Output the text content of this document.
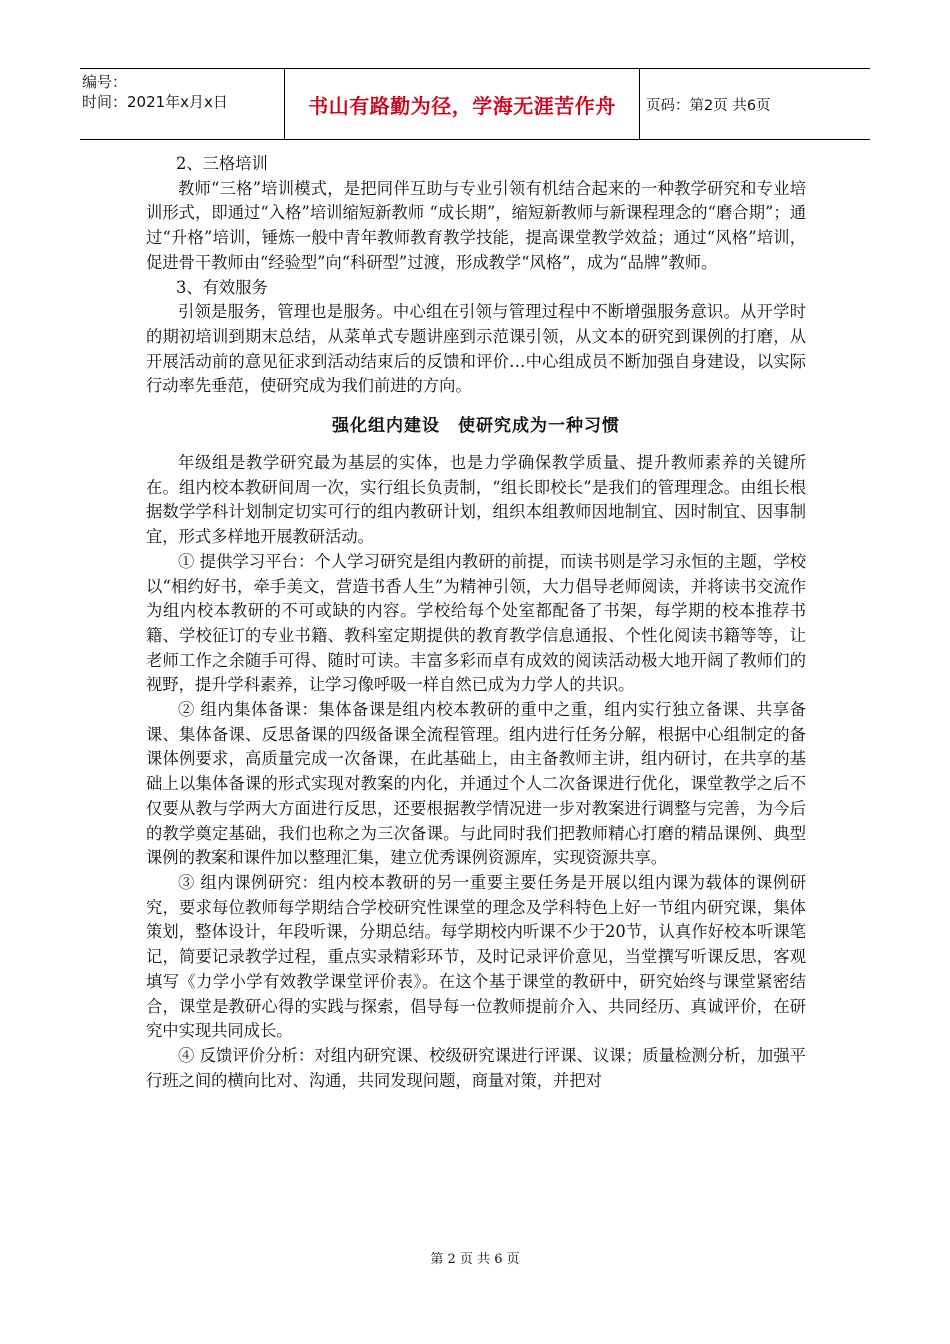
编号：
时间：2021年x月x日	书山有路勤为径，学海无涯苦作舟	页码：第2页 共6页

2、三格培训

教师“三格”培训模式，是把同伴互助与专业引领有机结合起来的一种教学研究和专业培训形式，即通过“入格”培训缩短新教师 “成长期”，缩短新教师与新课程理念的“磨合期”；通过“升格”培训，锤炼一般中青年教师教育教学技能，提高课堂教学效益；通过“风格”培训，促进骨干教师由“经验型”向“科研型”过渡，形成教学“风格”，成为“品牌”教师。

3、有效服务

引领是服务，管理也是服务。中心组在引领与管理过程中不断增强服务意识。从开学时的期初培训到期末总结，从菜单式专题讲座到示范课引领，从文本的研究到课例的打磨，从开展活动前的意见征求到活动结束后的反馈和评价…中心组成员不断加强自身建设，以实际行动率先垂范，使研究成为我们前进的方向。

强化组内建设　使研究成为一种习惯

年级组是教学研究最为基层的实体，也是力学确保教学质量、提升教师素养的关键所在。组内校本教研间周一次，实行组长负责制，“组长即校长”是我们的管理理念。由组长根据数学学科计划制定切实可行的组内教研计划，组织本组教师因地制宜、因时制宜、因事制宜，形式多样地开展教研活动。

① 提供学习平台：个人学习研究是组内教研的前提，而读书则是学习永恒的主题，学校以“相约好书，牵手美文，营造书香人生”为精神引领，大力倡导老师阅读，并将读书交流作为组内校本教研的不可或缺的内容。学校给每个处室都配备了书架，每学期的校本推荐书籍、学校征订的专业书籍、教科室定期提供的教育教学信息通报、个性化阅读书籍等等，让老师工作之余随手可得、随时可读。丰富多彩而卓有成效的阅读活动极大地开阔了教师们的视野，提升学科素养，让学习像呼吸一样自然已成为力学人的共识。

② 组内集体备课：集体备课是组内校本教研的重中之重，组内实行独立备课、共享备课、集体备课、反思备课的四级备课全流程管理。组内进行任务分解，根据中心组制定的备课体例要求，高质量完成一次备课，在此基础上，由主备教师主讲，组内研讨，在共享的基础上以集体备课的形式实现对教案的内化，并通过个人二次备课进行优化，课堂教学之后不仅要从教与学两大方面进行反思，还要根据教学情况进一步对教案进行调整与完善，为今后的教学奠定基础，我们也称之为三次备课。与此同时我们把教师精心打磨的精品课例、典型课例的教案和课件加以整理汇集，建立优秀课例资源库，实现资源共享。

③ 组内课例研究：组内校本教研的另一重要主要任务是开展以组内课为载体的课例研究，要求每位教师每学期结合学校研究性课堂的理念及学科特色上好一节组内研究课，集体策划，整体设计，年段听课，分期总结。每学期校内听课不少于20节，认真作好校本听课笔记，简要记录教学过程，重点实录精彩环节，及时记录评价意见，当堂撰写听课反思，客观填写《力学小学有效教学课堂评价表》。在这个基于课堂的教研中，研究始终与课堂紧密结合，课堂是教研心得的实践与探索，倡导每一位教师提前介入、共同经历、真诚评价，在研究中实现共同成长。

④ 反馈评价分析：对组内研究课、校级研究课进行评课、议课；质量检测分析，加强平行班之间的横向比对、沟通，共同发现问题，商量对策，并把对

第 2 页 共 6 页
